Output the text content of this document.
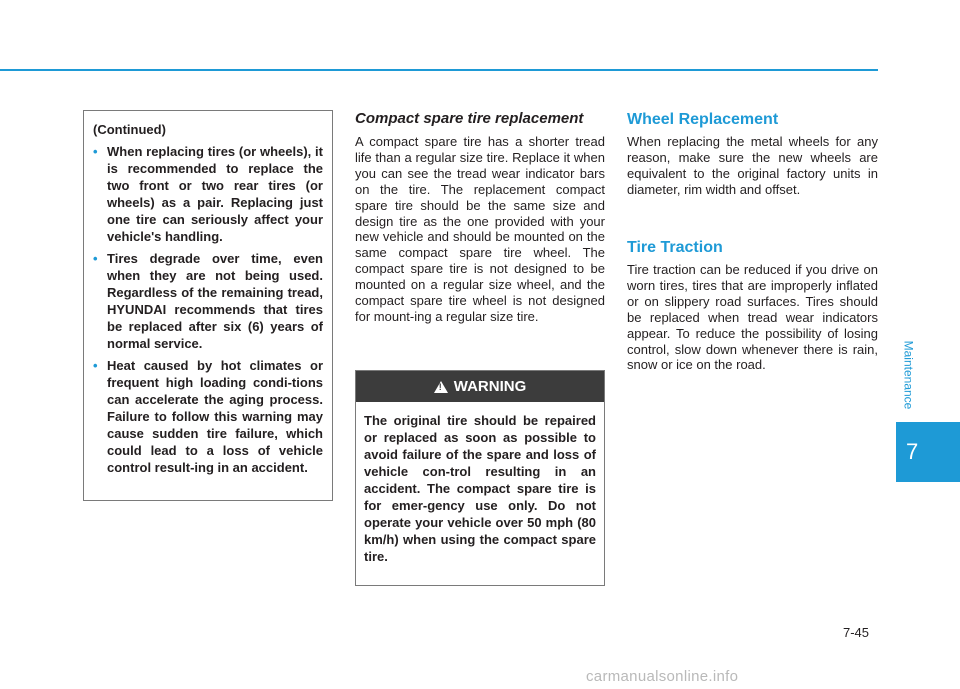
(Continued)
• When replacing tires (or wheels), it is recommended to replace the two front or two rear tires (or wheels) as a pair. Replacing just one tire can seriously affect your vehicle's handling.
• Tires degrade over time, even when they are not being used. Regardless of the remaining tread, HYUNDAI recommends that tires be replaced after six (6) years of normal service.
• Heat caused by hot climates or frequent high loading condi-tions can accelerate the aging process. Failure to follow this warning may cause sudden tire failure, which could lead to a loss of vehicle control result-ing in an accident.
Compact spare tire replacement
A compact spare tire has a shorter tread life than a regular size tire. Replace it when you can see the tread wear indicator bars on the tire. The replacement compact spare tire should be the same size and design tire as the one provided with your new vehicle and should be mounted on the same compact spare tire wheel. The compact spare tire is not designed to be mounted on a regular size wheel, and the compact spare tire wheel is not designed for mount-ing a regular size tire.
!
WARNING
The original tire should be repaired or replaced as soon as possible to avoid failure of the spare and loss of vehicle con-trol resulting in an accident. The compact spare tire is for emer-gency use only. Do not operate your vehicle over 50 mph (80 km/h) when using the compact spare tire.
Wheel Replacement
When replacing the metal wheels for any reason, make sure the new wheels are equivalent to the original factory units in diameter, rim width and offset.
Tire Traction
Tire traction can be reduced if you drive on worn tires, tires that are improperly inflated or on slippery road surfaces. Tires should be replaced when tread wear indicators appear. To reduce the possibility of losing control, slow down whenever there is rain, snow or ice on the road.	Maintenance
7
7-45
carmanualsonline.info
